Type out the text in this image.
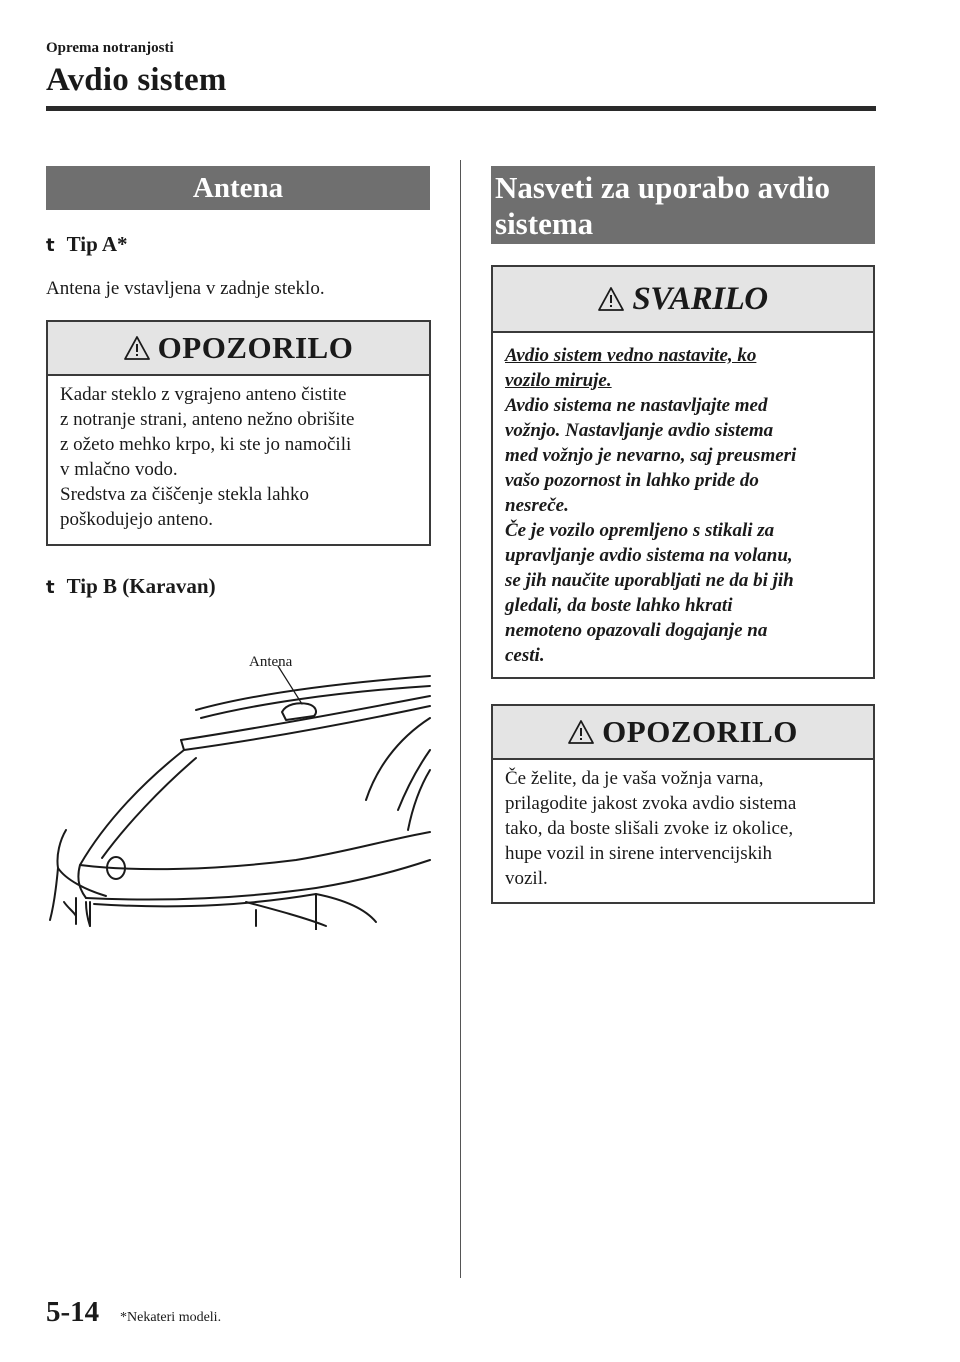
Oprema notranjosti
Avdio sistem
Antena
t Tip A*
Antena je vstavljena v zadnje steklo.
OPOZORILO
Kadar steklo z vgrajeno anteno čistite
z notranje strani, anteno nežno obrišite
z ožeto mehko krpo, ki ste jo namočili
v mlačno vodo.
Sredstva za čiščenje stekla lahko
poškodujejo anteno.
t Tip B (Karavan)
Antena
Nasveti za uporabo avdio
sistema
SVARILO
Avdio sistem vedno nastavite, ko
vozilo miruje.
Avdio sistema ne nastavljajte med
vožnjo. Nastavljanje avdio sistema
med vožnjo je nevarno, saj preusmeri
vašo pozornost in lahko pride do
nesreče.
Če je vozilo opremljeno s stikali za
upravljanje avdio sistema na volanu,
se jih naučite uporabljati ne da bi jih
gledali, da boste lahko hkrati
nemoteno opazovali dogajanje na
cesti.
OPOZORILO
Če želite, da je vaša vožnja varna,
prilagodite jakost zvoka avdio sistema
tako, da boste slišali zvoke iz okolice,
hupe vozil in sirene intervencijskih
vozil.
5-14 *Nekateri modeli.
